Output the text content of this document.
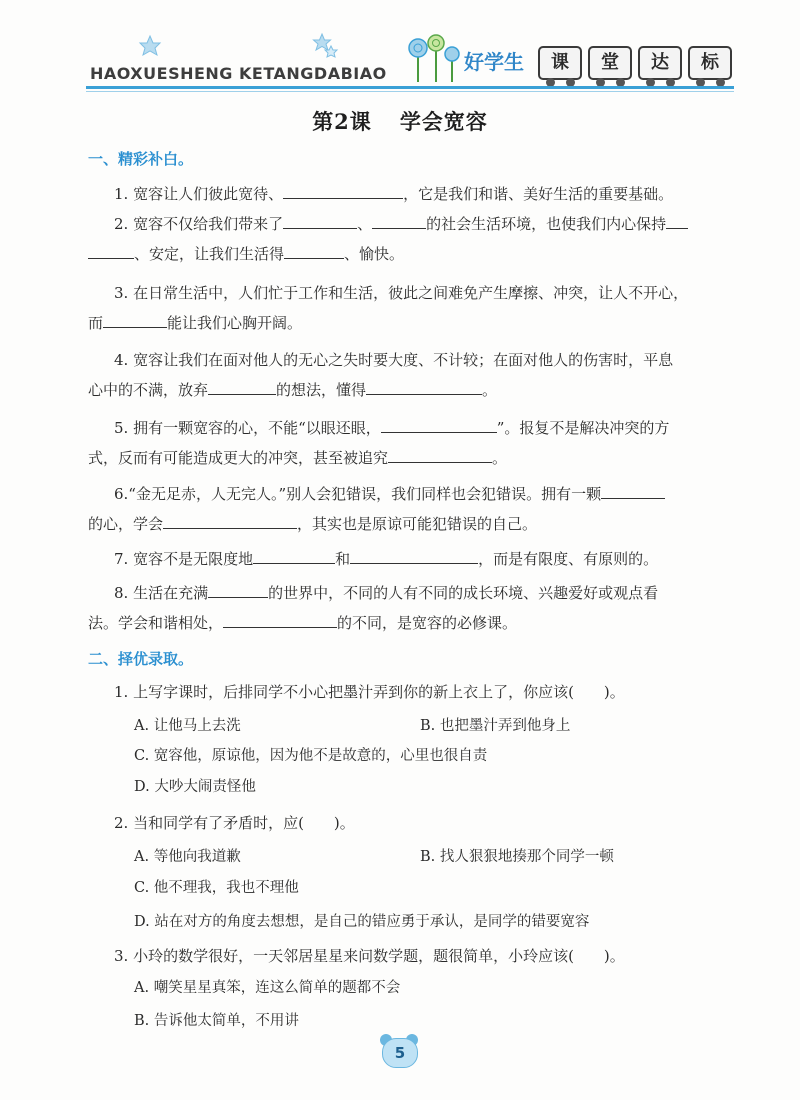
HAOXUESHENG KETANGDABIAO	好学生	课	堂	达	标
第2课 学会宽容
一、精彩补白。
1. 宽容让人们彼此宽待、	，它是我们和谐、美好生活的重要基础。
2. 宽容不仅给我们带来了	、	的社会生活环境，也使我们内心保持
、安定，让我们生活得	、愉快。
3. 在日常生活中，人们忙于工作和生活，彼此之间难免产生摩擦、冲突，让人不开心，
而	能让我们心胸开阔。
4. 宽容让我们在面对他人的无心之失时要大度、不计较；在面对他人的伤害时，平息
心中的不满，放弃	的想法，懂得	。
5. 拥有一颗宽容的心，不能“以眼还眼，	”。报复不是解决冲突的方
式，反而有可能造成更大的冲突，甚至被追究	。
6.“金无足赤，人无完人。”别人会犯错误，我们同样也会犯错误。拥有一颗
的心，学会	，其实也是原谅可能犯错误的自己。
7. 宽容不是无限度地	和	，而是有限度、有原则的。
8. 生活在充满	的世界中，不同的人有不同的成长环境、兴趣爱好或观点看
法。学会和谐相处，	的不同，是宽容的必修课。
二、择优录取。
1. 上写字课时，后排同学不小心把墨汁弄到你的新上衣上了，你应该(　　)。
A. 让他马上去洗	B. 也把墨汁弄到他身上
C. 宽容他，原谅他，因为他不是故意的，心里也很自责
D. 大吵大闹责怪他
2. 当和同学有了矛盾时，应(　　)。
A. 等他向我道歉	B. 找人狠狠地揍那个同学一顿
C. 他不理我，我也不理他
D. 站在对方的角度去想想，是自己的错应勇于承认，是同学的错要宽容
3. 小玲的数学很好，一天邻居星星来问数学题，题很简单，小玲应该(　　)。
A. 嘲笑星星真笨，连这么简单的题都不会
B. 告诉他太简单，不用讲
5
